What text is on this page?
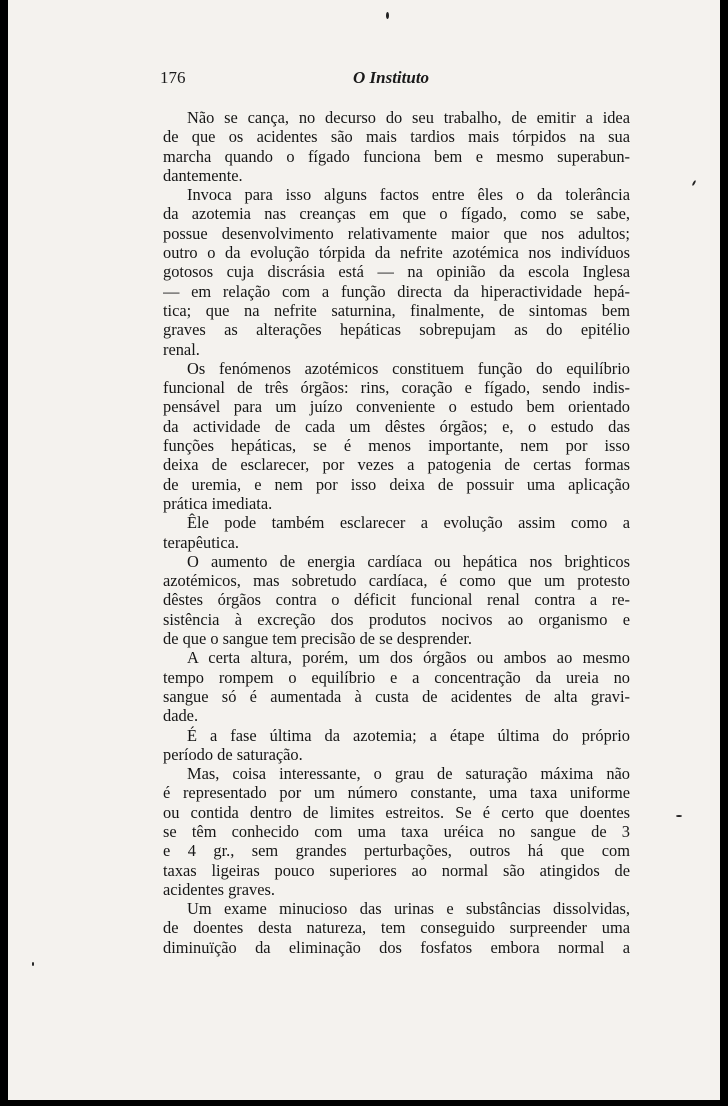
176	O Instituto
Não se cança, no decurso do seu trabalho, de emitir a idea
de que os acidentes são mais tardios mais tórpidos na sua
marcha quando o fígado funciona bem e mesmo superabun-
dantemente.
Invoca para isso alguns factos entre êles o da tolerância
da azotemia nas creanças em que o fígado, como se sabe,
possue desenvolvimento relativamente maior que nos adultos;
outro o da evolução tórpida da nefrite azotémica nos indivíduos
gotosos cuja discrásia está — na opinião da escola Inglesa
— em relação com a função directa da hiperactividade hepá-
tica; que na nefrite saturnina, finalmente, de sintomas bem
graves as alterações hepáticas sobrepujam as do epitélio
renal.
Os fenómenos azotémicos constituem função do equilíbrio
funcional de três órgãos: rins, coração e fígado, sendo indis-
pensável para um juízo conveniente o estudo bem orientado
da actividade de cada um dêstes órgãos; e, o estudo das
funções hepáticas, se é menos importante, nem por isso
deixa de esclarecer, por vezes a patogenia de certas formas
de uremia, e nem por isso deixa de possuir uma aplicação
prática imediata.
Êle pode também esclarecer a evolução assim como a
terapêutica.
O aumento de energia cardíaca ou hepática nos brighticos
azotémicos, mas sobretudo cardíaca, é como que um protesto
dêstes órgãos contra o déficit funcional renal contra a re-
sistência à excreção dos produtos nocivos ao organismo e
de que o sangue tem precisão de se desprender.
A certa altura, porém, um dos órgãos ou ambos ao mesmo
tempo rompem o equilíbrio e a concentração da ureia no
sangue só é aumentada à custa de acidentes de alta gravi-
dade.
É a fase última da azotemia; a étape última do próprio
período de saturação.
Mas, coisa interessante, o grau de saturação máxima não
é representado por um número constante, uma taxa uniforme
ou contida dentro de limites estreitos. Se é certo que doentes
se têm conhecido com uma taxa uréica no sangue de 3
e 4 gr., sem grandes perturbações, outros há que com
taxas ligeiras pouco superiores ao normal são atingidos de
acidentes graves.
Um exame minucioso das urinas e substâncias dissolvidas,
de doentes desta natureza, tem conseguido surpreender uma
diminuïção da eliminação dos fosfatos embora normal a
